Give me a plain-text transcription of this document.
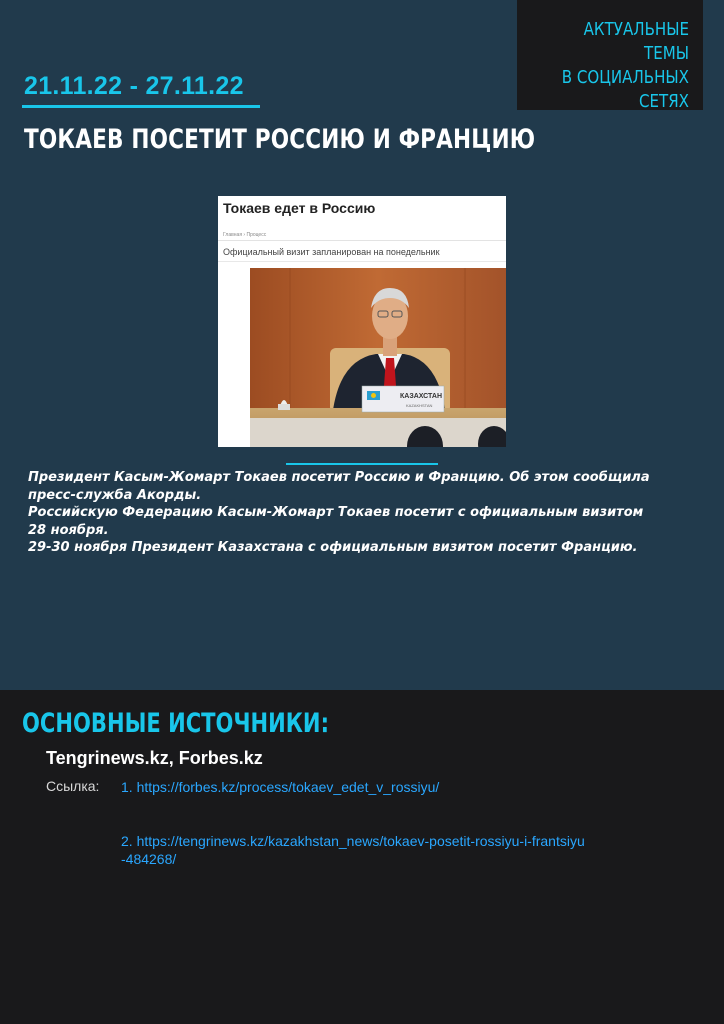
АКТУАЛЬНЫЕ ТЕМЫ
В СОЦИАЛЬНЫХ
СЕТЯХ
21.11.22 - 27.11.22
ТОКАЕВ ПОСЕТИТ РОССИЮ И ФРАНЦИЮ
Токаев едет в Россию
Главная › Процесс
Официальный визит запланирован на понедельник
КАЗАХСТАН
KAZAKHSTAN
Президент Касым-Жомарт Токаев посетит Россию и Францию. Об этом сообщила
пресс-служба Акорды.
Российскую Федерацию Касым-Жомарт Токаев посетит с официальным визитом
28 ноября.
29-30 ноября Президент Казахстана с официальным визитом посетит Францию.
ОСНОВНЫЕ ИСТОЧНИКИ:
Tengrinews.kz, Forbes.kz
Ссылка: 1. https://forbes.kz/process/tokaev_edet_v_rossiyu/
2. https://tengrinews.kz/kazakhstan_news/tokaev-posetit-rossiyu-i-frantsiyu
-484268/
